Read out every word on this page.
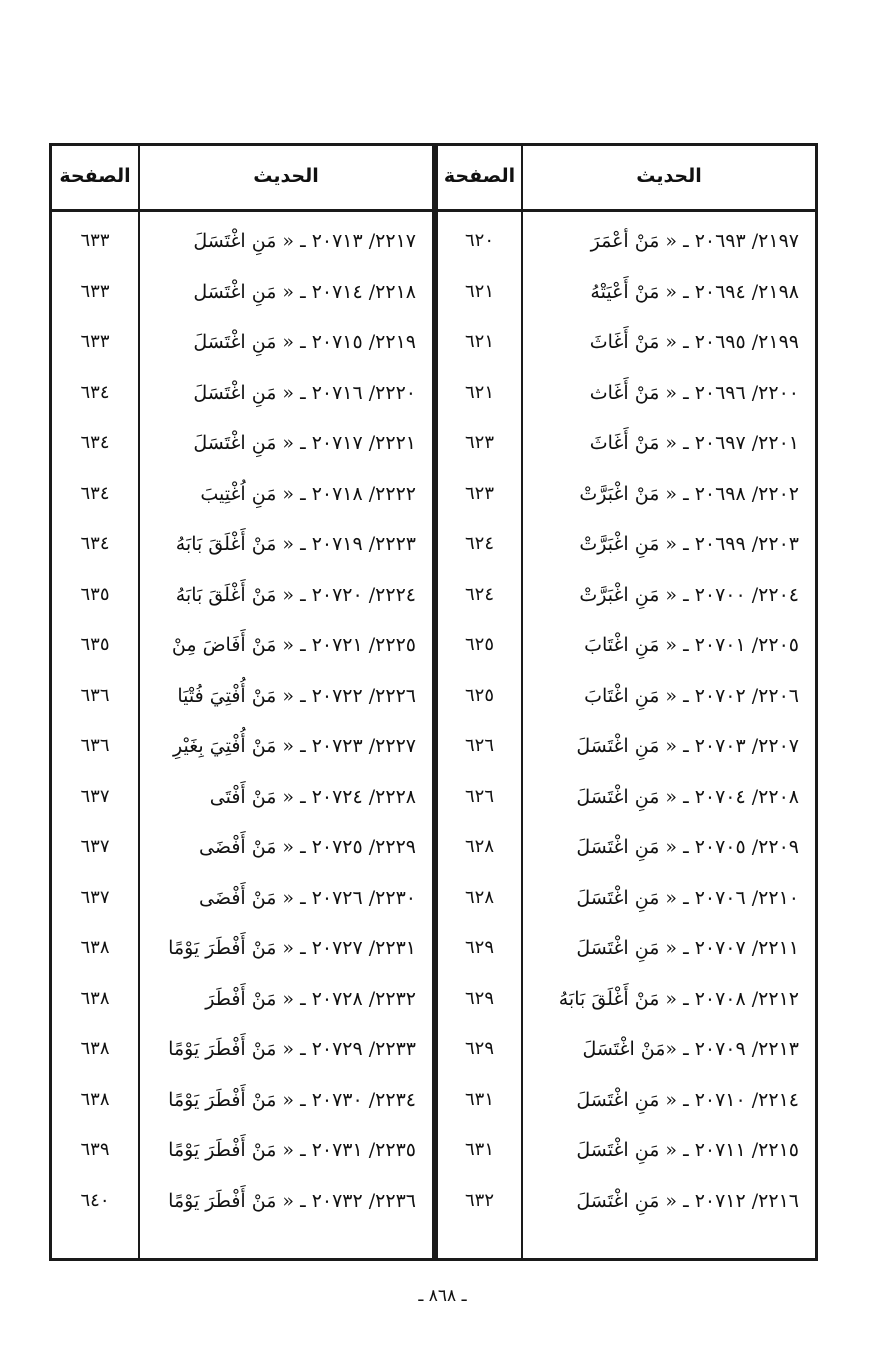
الحديث
الصفحة
الحديث
الصفحة
٢١٩٧/ ٢٠٦٩٣ ـ « مَنْ أعْمَرَ
٦٢٠
٢٢١٧/ ٢٠٧١٣ ـ « مَنِ اغْتَسَلَ
٦٣٣
٢١٩٨/ ٢٠٦٩٤ ـ « مَنْ أَعْيَتْهُ
٦٢١
٢٢١٨/ ٢٠٧١٤ ـ « مَنِ اغْتَسَل
٦٣٣
٢١٩٩/ ٢٠٦٩٥ ـ « مَنْ أَغَاثَ
٦٢١
٢٢١٩/ ٢٠٧١٥ ـ « مَنِ اغْتَسَلَ
٦٣٣
٢٢٠٠/ ٢٠٦٩٦ ـ « مَنْ أَغَاث
٦٢١
٢٢٢٠/ ٢٠٧١٦ ـ « مَنِ اغْتَسَلَ
٦٣٤
٢٢٠١/ ٢٠٦٩٧ ـ « مَنْ أَغَاثَ
٦٢٣
٢٢٢١/ ٢٠٧١٧ ـ « مَنِ اغْتَسَلَ
٦٣٤
٢٢٠٢/ ٢٠٦٩٨ ـ « مَنْ اغْبَرَّتْ
٦٢٣
٢٢٢٢/ ٢٠٧١٨ ـ « مَنِ اُغْتِيبَ
٦٣٤
٢٢٠٣/ ٢٠٦٩٩ ـ « مَنِ اغْبَرَّتْ
٦٢٤
٢٢٢٣/ ٢٠٧١٩ ـ « مَنْ أَغْلَقَ بَابَهُ
٦٣٤
٢٢٠٤/ ٢٠٧٠٠ ـ « مَنِ اغْبَرَّتْ
٦٢٤
٢٢٢٤/ ٢٠٧٢٠ ـ « مَنْ أَغْلَقَ بَابَهُ
٦٣٥
٢٢٠٥/ ٢٠٧٠١ ـ « مَنِ اغْتَابَ
٦٢٥
٢٢٢٥/ ٢٠٧٢١ ـ « مَنْ أَفَاضَ مِنْ
٦٣٥
٢٢٠٦/ ٢٠٧٠٢ ـ « مَنِ اغْتَابَ
٦٢٥
٢٢٢٦/ ٢٠٧٢٢ ـ « مَنْ أُفْتِيَ فُتْيَا
٦٣٦
٢٢٠٧/ ٢٠٧٠٣ ـ « مَنِ اغْتَسَلَ
٦٢٦
٢٢٢٧/ ٢٠٧٢٣ ـ « مَنْ أُفْتِيَ بِغَيْرِ
٦٣٦
٢٢٠٨/ ٢٠٧٠٤ ـ « مَنِ اغْتَسَلَ
٦٢٦
٢٢٢٨/ ٢٠٧٢٤ ـ « مَنْ أَفْتَى
٦٣٧
٢٢٠٩/ ٢٠٧٠٥ ـ « مَنِ اغْتَسَلَ
٦٢٨
٢٢٢٩/ ٢٠٧٢٥ ـ « مَنْ أَفْضَى
٦٣٧
٢٢١٠/ ٢٠٧٠٦ ـ « مَنِ اغْتَسَلَ
٦٢٨
٢٢٣٠/ ٢٠٧٢٦ ـ « مَنْ أَفْضَى
٦٣٧
٢٢١١/ ٢٠٧٠٧ ـ « مَنِ اغْتَسَلَ
٦٢٩
٢٢٣١/ ٢٠٧٢٧ ـ « مَنْ أَفْطَرَ يَوْمًا
٦٣٨
٢٢١٢/ ٢٠٧٠٨ ـ « مَنْ أَغْلَقَ بَابَهُ
٦٢٩
٢٢٣٢/ ٢٠٧٢٨ ـ « مَنْ أَفْطَرَ
٦٣٨
٢٢١٣/ ٢٠٧٠٩ ـ «مَنْ اغْتَسَلَ
٦٢٩
٢٢٣٣/ ٢٠٧٢٩ ـ « مَنْ أَفْطَرَ يَوْمًا
٦٣٨
٢٢١٤/ ٢٠٧١٠ ـ « مَنِ اغْتَسَلَ
٦٣١
٢٢٣٤/ ٢٠٧٣٠ ـ « مَنْ أَفْطَرَ يَوْمًا
٦٣٨
٢٢١٥/ ٢٠٧١١ ـ « مَنِ اغْتَسَلَ
٦٣١
٢٢٣٥/ ٢٠٧٣١ ـ « مَنْ أَفْطَرَ يَوْمًا
٦٣٩
٢٢١٦/ ٢٠٧١٢ ـ « مَنِ اغْتَسَلَ
٦٣٢
٢٢٣٦/ ٢٠٧٣٢ ـ « مَنْ أَفْطَرَ يَوْمًا
٦٤٠
ـ ٨٦٨ ـ
